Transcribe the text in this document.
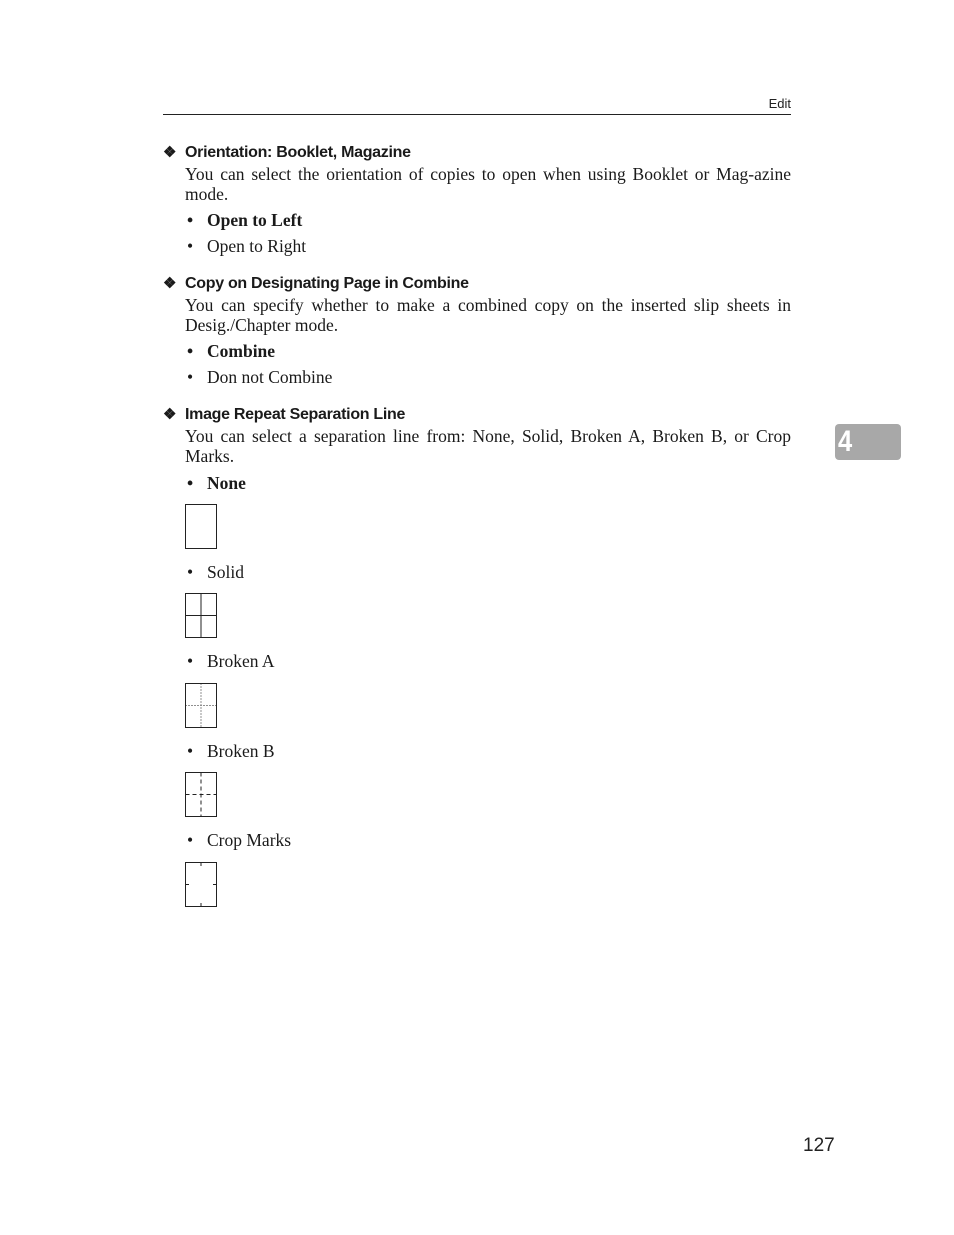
Edit
❖ Orientation: Booklet, Magazine
You can select the orientation of copies to open when using Booklet or Mag-azine mode.
• Open to Left
• Open to Right
❖ Copy on Designating Page in Combine
You can specify whether to make a combined copy on the inserted slip sheets in Desig./Chapter mode.
• Combine
• Don not Combine
❖ Image Repeat Separation Line
You can select a separation line from: None, Solid, Broken A, Broken B, or Crop Marks.
• None
• Solid
• Broken A
• Broken B
• Crop Marks
4
127
